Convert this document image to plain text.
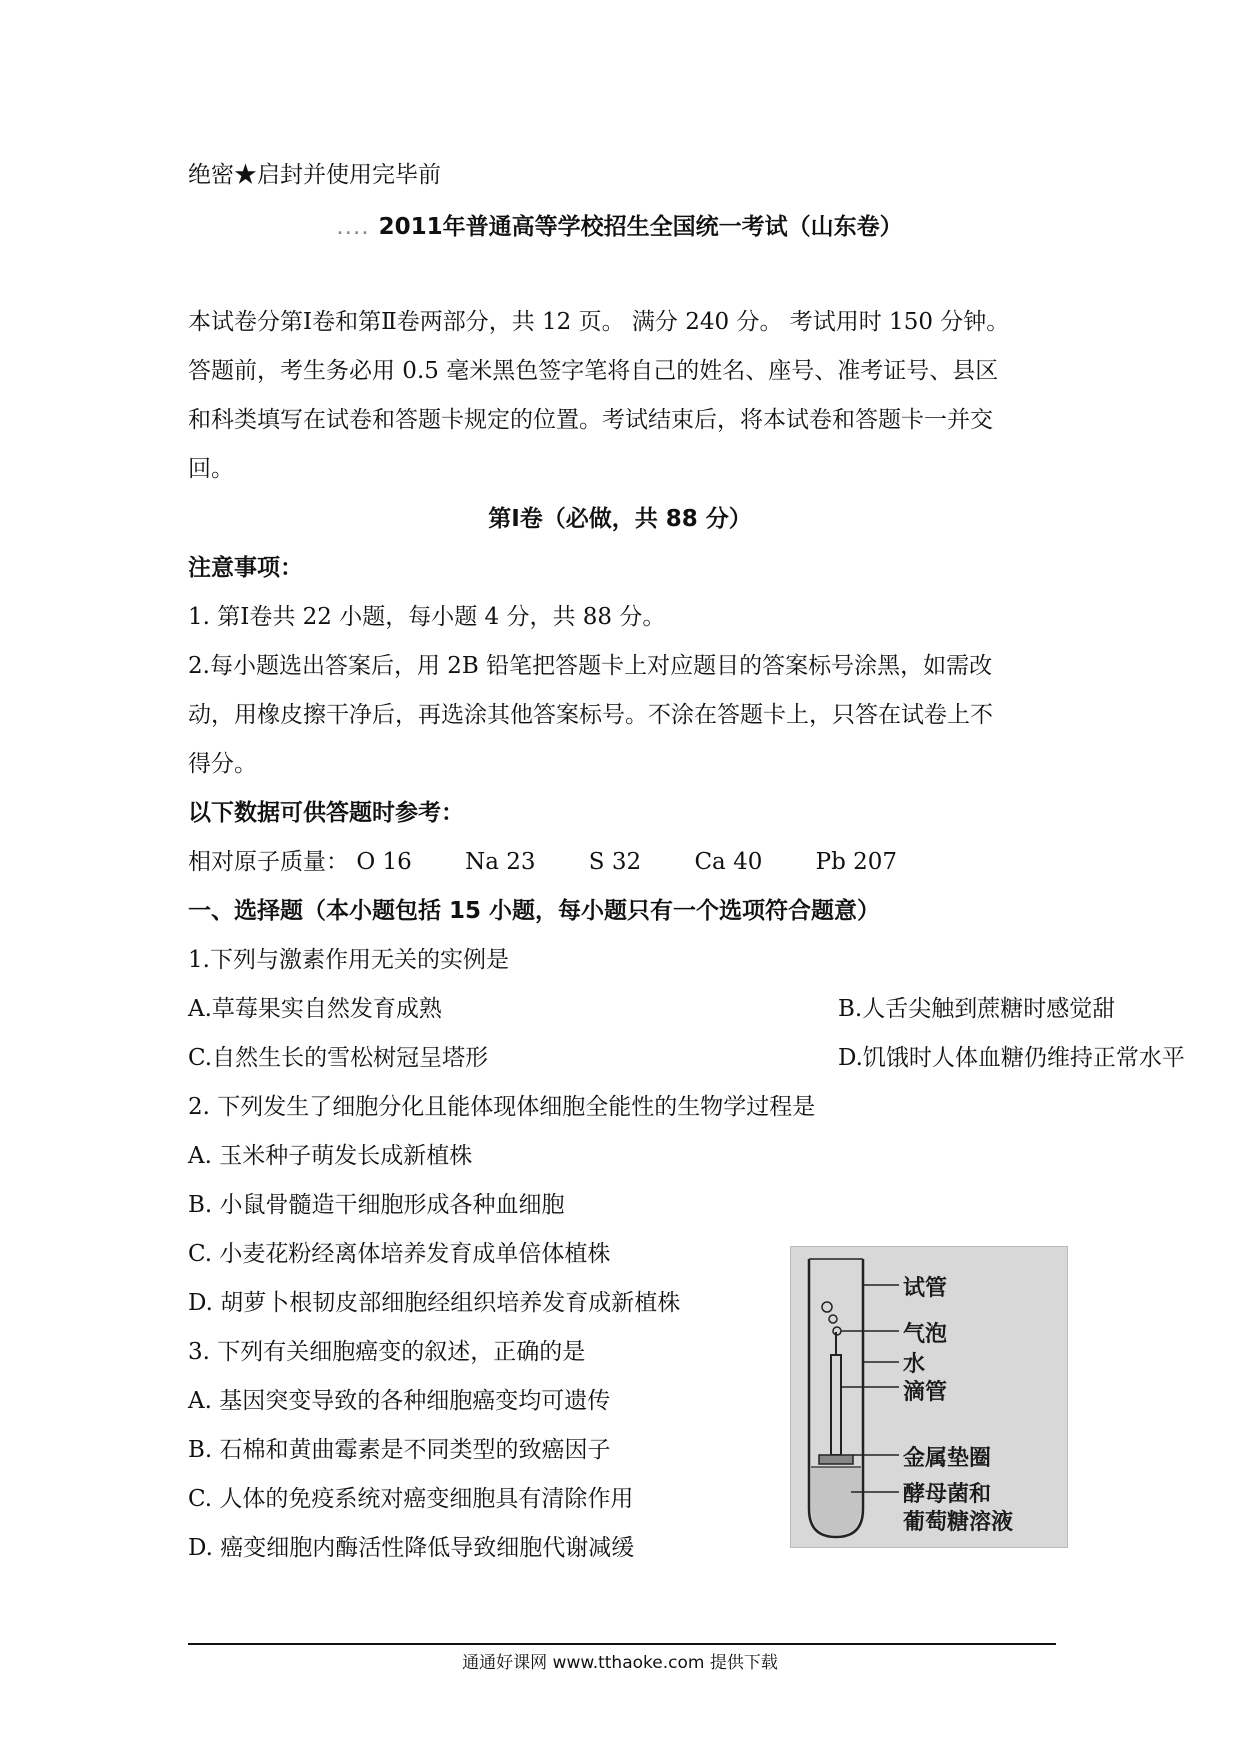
绝密★启封并使用完毕前
.... 2011年普通高等学校招生全国统一考试（山东卷）
本试卷分第Ⅰ卷和第Ⅱ卷两部分，共 12 页。 满分 240 分。 考试用时 150 分钟。
答题前，考生务必用 0.5 毫米黑色签字笔将自己的姓名、座号、准考证号、县区
和科类填写在试卷和答题卡规定的位置。考试结束后，将本试卷和答题卡一并交
回。
第Ⅰ卷（必做，共 88 分）
注意事项：
1. 第Ⅰ卷共 22 小题，每小题 4 分，共 88 分。
2.每小题选出答案后，用 2B 铅笔把答题卡上对应题目的答案标号涂黑，如需改
动，用橡皮擦干净后，再选涂其他答案标号。不涂在答题卡上，只答在试卷上不
得分。
以下数据可供答题时参考：
相对原子质量： O 16 Na 23 S 32 Ca 40 Pb 207
一、选择题（本小题包括 15 小题，每小题只有一个选项符合题意）
1.下列与激素作用无关的实例是
A.草莓果实自然发育成熟	B.人舌尖触到蔗糖时感觉甜
C.自然生长的雪松树冠呈塔形	D.饥饿时人体血糖仍维持正常水平
2. 下列发生了细胞分化且能体现体细胞全能性的生物学过程是
A. 玉米种子萌发长成新植株
B. 小鼠骨髓造干细胞形成各种血细胞
C. 小麦花粉经离体培养发育成单倍体植株
D. 胡萝卜根韧皮部细胞经组织培养发育成新植株
3. 下列有关细胞癌变的叙述，正确的是
A. 基因突变导致的各种细胞癌变均可遗传
B. 石棉和黄曲霉素是不同类型的致癌因子
C. 人体的免疫系统对癌变细胞具有清除作用
D. 癌变细胞内酶活性降低导致细胞代谢减缓
试管
气泡
水
滴管
金属垫圈
酵母菌和
葡萄糖溶液
通通好课网 www.tthaoke.com 提供下载
